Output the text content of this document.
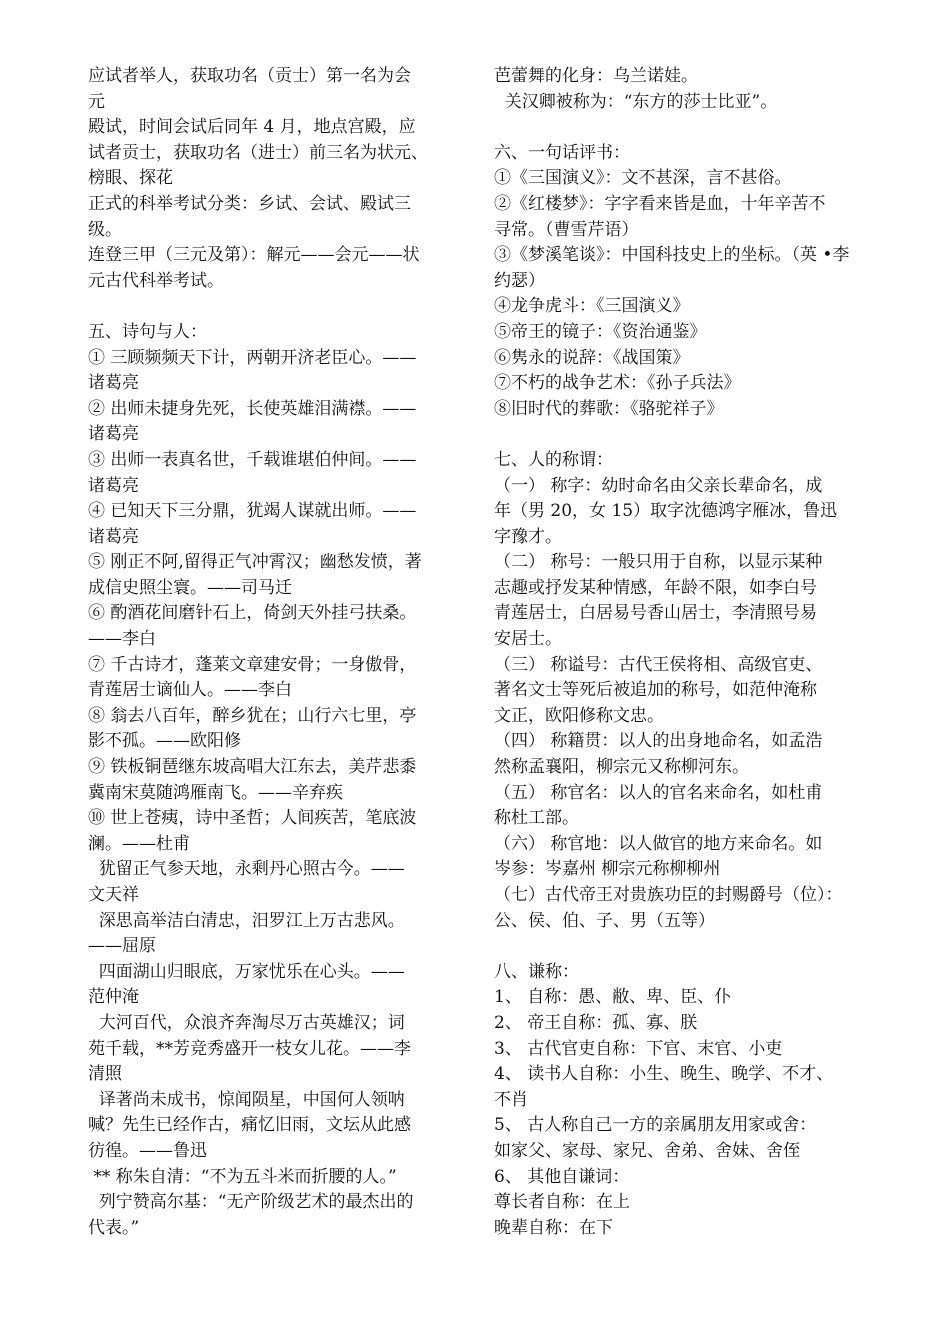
应试者举人，获取功名（贡士）第一名为会
元
殿试，时间会试后同年 4 月，地点宫殿，应
试者贡士，获取功名（进士）前三名为状元、
榜眼、探花
正式的科举考试分类：乡试、会试、殿试三
级。
连登三甲（三元及第）：解元——会元——状
元古代科举考试。
五、诗句与人：
① 三顾频频天下计，两朝开济老臣心。——
诸葛亮
② 出师未捷身先死，长使英雄泪满襟。——
诸葛亮
③ 出师一表真名世，千载谁堪伯仲间。——
诸葛亮
④ 已知天下三分鼎，犹竭人谋就出师。——
诸葛亮
⑤ 刚正不阿,留得正气冲霄汉；幽愁发愤，著
成信史照尘寰。——司马迁
⑥ 酌酒花间磨针石上，倚剑天外挂弓扶桑。
——李白
⑦ 千古诗才，蓬莱文章建安骨；一身傲骨，
青莲居士谪仙人。——李白
⑧ 翁去八百年，醉乡犹在；山行六七里，亭
影不孤。——欧阳修
⑨ 铁板铜琶继东坡高唱大江东去，美芹悲黍
冀南宋莫随鸿雁南飞。——辛弃疾
⑩ 世上苍痍，诗中圣哲；人间疾苦，笔底波
澜。——杜甫
犹留正气参天地，永剩丹心照古今。——
文天祥
深思高举洁白清忠，汨罗江上万古悲风。
——屈原
四面湖山归眼底，万家忧乐在心头。——
范仲淹
大河百代，众浪齐奔淘尽万古英雄汉；词
苑千载，**芳竞秀盛开一枝女儿花。——李
清照
译著尚未成书，惊闻陨星，中国何人领呐
喊？先生已经作古，痛忆旧雨，文坛从此感
彷徨。——鲁迅
** 称朱自清：“不为五斗米而折腰的人。”
列宁赞高尔基：“无产阶级艺术的最杰出的
代表。”
芭蕾舞的化身：乌兰诺娃。
关汉卿被称为：“东方的莎士比亚”。
六、一句话评书：
①《三国演义》：文不甚深，言不甚俗。
②《红楼梦》：字字看来皆是血，十年辛苦不
寻常。（曹雪芹语）
③《梦溪笔谈》：中国科技史上的坐标。（英 •李
约瑟）
④龙争虎斗：《三国演义》
⑤帝王的镜子：《资治通鉴》
⑥隽永的说辞：《战国策》
⑦不朽的战争艺术：《孙子兵法》
⑧旧时代的葬歌：《骆驼祥子》
七、人的称谓：
（一） 称字：幼时命名由父亲长辈命名，成
年（男 20，女 15）取字沈德鸿字雁冰，鲁迅
字豫才。
（二） 称号：一般只用于自称，以显示某种
志趣或抒发某种情感，年龄不限，如李白号
青莲居士，白居易号香山居士，李清照号易
安居士。
（三） 称谥号：古代王侯将相、高级官吏、
著名文士等死后被追加的称号，如范仲淹称
文正，欧阳修称文忠。
（四） 称籍贯：以人的出身地命名，如孟浩
然称孟襄阳，柳宗元又称柳河东。
（五） 称官名：以人的官名来命名，如杜甫
称杜工部。
（六） 称官地：以人做官的地方来命名。如
岑参：岑嘉州 柳宗元称柳柳州
（七）古代帝王对贵族功臣的封赐爵号（位）：
公、侯、伯、子、男（五等）
八、谦称：
1、 自称：愚、敝、卑、臣、仆
2、 帝王自称：孤、寡、朕
3、 古代官吏自称：下官、末官、小吏
4、 读书人自称：小生、晚生、晚学、不才、
不肖
5、 古人称自己一方的亲属朋友用家或舍：
如家父、家母、家兄、舍弟、舍妹、舍侄
6、 其他自谦词：
尊长者自称：在上
晚辈自称：在下
